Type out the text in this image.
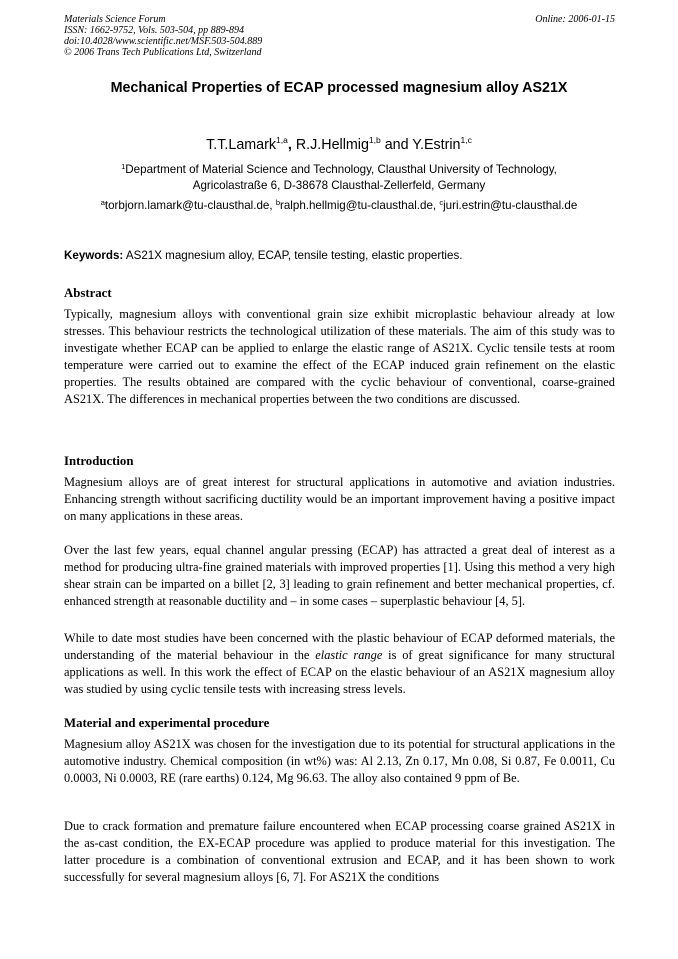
Materials Science Forum
ISSN: 1662-9752, Vols. 503-504, pp 889-894
doi:10.4028/www.scientific.net/MSF.503-504.889
© 2006 Trans Tech Publications Ltd, Switzerland
Online: 2006-01-15
Mechanical Properties of ECAP processed magnesium alloy AS21X
T.T.Lamark$^{1,a}$, R.J.Hellmig$^{1,b}$ and Y.Estrin$^{1,c}$
$^1$Department of Material Science and Technology, Clausthal University of Technology,
Agricolastraße 6, D-38678 Clausthal-Zellerfeld, Germany
$^a$torbjorn.lamark@tu-clausthal.de, $^b$ralph.hellmig@tu-clausthal.de, $^c$juri.estrin@tu-clausthal.de
Keywords: AS21X magnesium alloy, ECAP, tensile testing, elastic properties.
Abstract
Typically, magnesium alloys with conventional grain size exhibit microplastic behaviour already at low stresses. This behaviour restricts the technological utilization of these materials. The aim of this study was to investigate whether ECAP can be applied to enlarge the elastic range of AS21X. Cyclic tensile tests at room temperature were carried out to examine the effect of the ECAP induced grain refinement on the elastic properties. The results obtained are compared with the cyclic behaviour of conventional, coarse-grained AS21X. The differences in mechanical properties between the two conditions are discussed.
Introduction
Magnesium alloys are of great interest for structural applications in automotive and aviation industries. Enhancing strength without sacrificing ductility would be an important improvement having a positive impact on many applications in these areas.
Over the last few years, equal channel angular pressing (ECAP) has attracted a great deal of interest as a method for producing ultra-fine grained materials with improved properties [1]. Using this method a very high shear strain can be imparted on a billet [2, 3] leading to grain refinement and better mechanical properties, cf. enhanced strength at reasonable ductility and – in some cases – superplastic behaviour [4, 5].
While to date most studies have been concerned with the plastic behaviour of ECAP deformed materials, the understanding of the material behaviour in the elastic range is of great significance for many structural applications as well. In this work the effect of ECAP on the elastic behaviour of an AS21X magnesium alloy was studied by using cyclic tensile tests with increasing stress levels.
Material and experimental procedure
Magnesium alloy AS21X was chosen for the investigation due to its potential for structural applications in the automotive industry. Chemical composition (in wt%) was: Al 2.13, Zn 0.17, Mn 0.08, Si 0.87, Fe 0.0011, Cu 0.0003, Ni 0.0003, RE (rare earths) 0.124, Mg 96.63. The alloy also contained 9 ppm of Be.
Due to crack formation and premature failure encountered when ECAP processing coarse grained AS21X in the as-cast condition, the EX-ECAP procedure was applied to produce material for this investigation. The latter procedure is a combination of conventional extrusion and ECAP, and it has been shown to work successfully for several magnesium alloys [6, 7]. For AS21X the conditions
